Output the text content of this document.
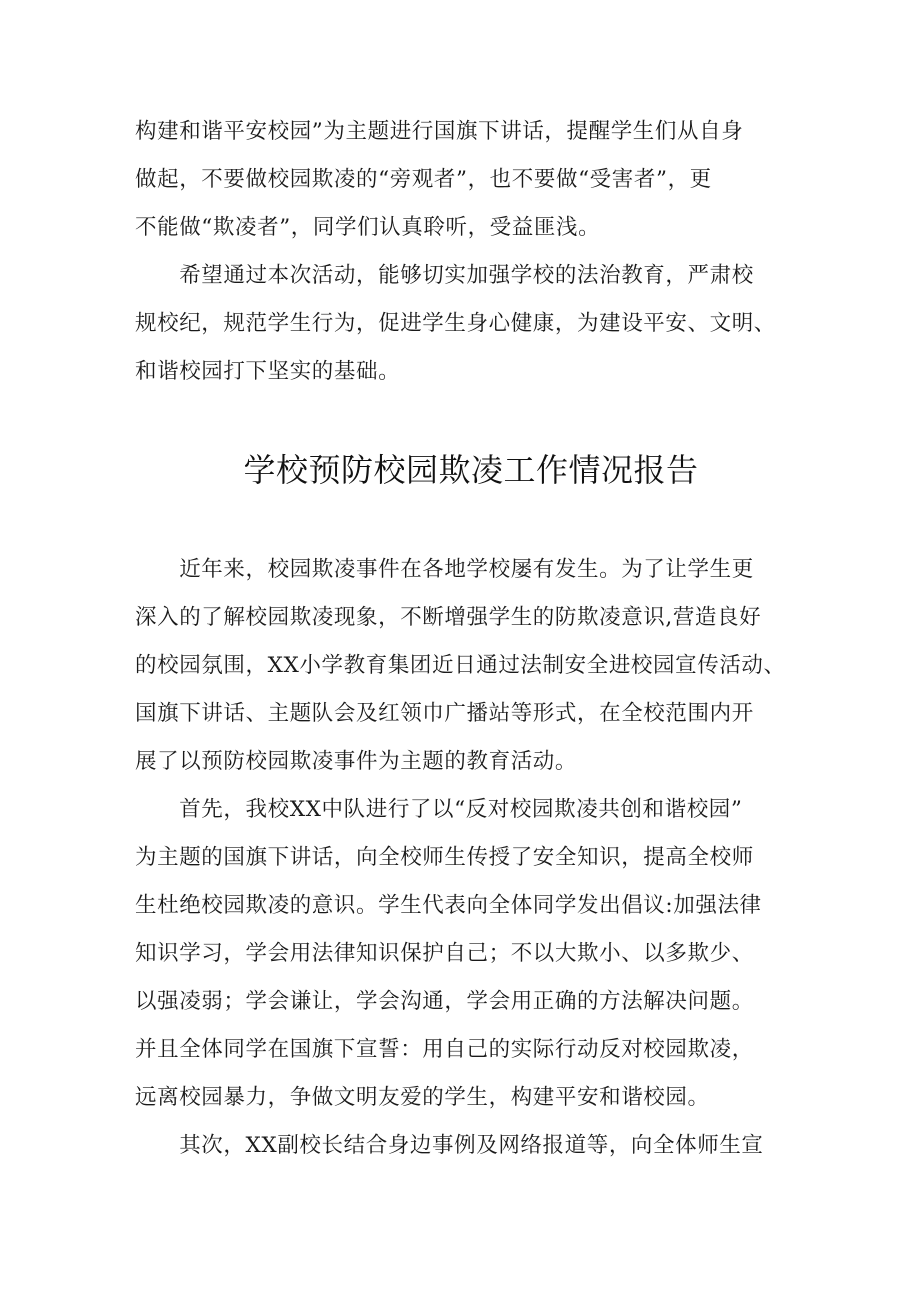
构建和谐平安校园”为主题进行国旗下讲话，提醒学生们从自身
做起，不要做校园欺凌的“旁观者”，也不要做“受害者”，更
不能做“欺凌者”，同学们认真聆听，受益匪浅。
　　希望通过本次活动，能够切实加强学校的法治教育，严肃校
规校纪，规范学生行为，促进学生身心健康，为建设平安、文明、
和谐校园打下坚实的基础。
学校预防校园欺凌工作情况报告
　　近年来，校园欺凌事件在各地学校屡有发生。为了让学生更
深入的了解校园欺凌现象，不断增强学生的防欺凌意识,营造良好
的校园氛围，XX小学教育集团近日通过法制安全进校园宣传活动、
国旗下讲话、主题队会及红领巾广播站等形式，在全校范围内开
展了以预防校园欺凌事件为主题的教育活动。
　　首先，我校XX中队进行了以“反对校园欺凌共创和谐校园”
为主题的国旗下讲话，向全校师生传授了安全知识，提高全校师
生杜绝校园欺凌的意识。学生代表向全体同学发出倡议:加强法律
知识学习，学会用法律知识保护自己；不以大欺小、以多欺少、
以强凌弱；学会谦让，学会沟通，学会用正确的方法解决问题。
并且全体同学在国旗下宣誓：用自己的实际行动反对校园欺凌，
远离校园暴力，争做文明友爱的学生，构建平安和谐校园。
　　其次，XX副校长结合身边事例及网络报道等，向全体师生宣
